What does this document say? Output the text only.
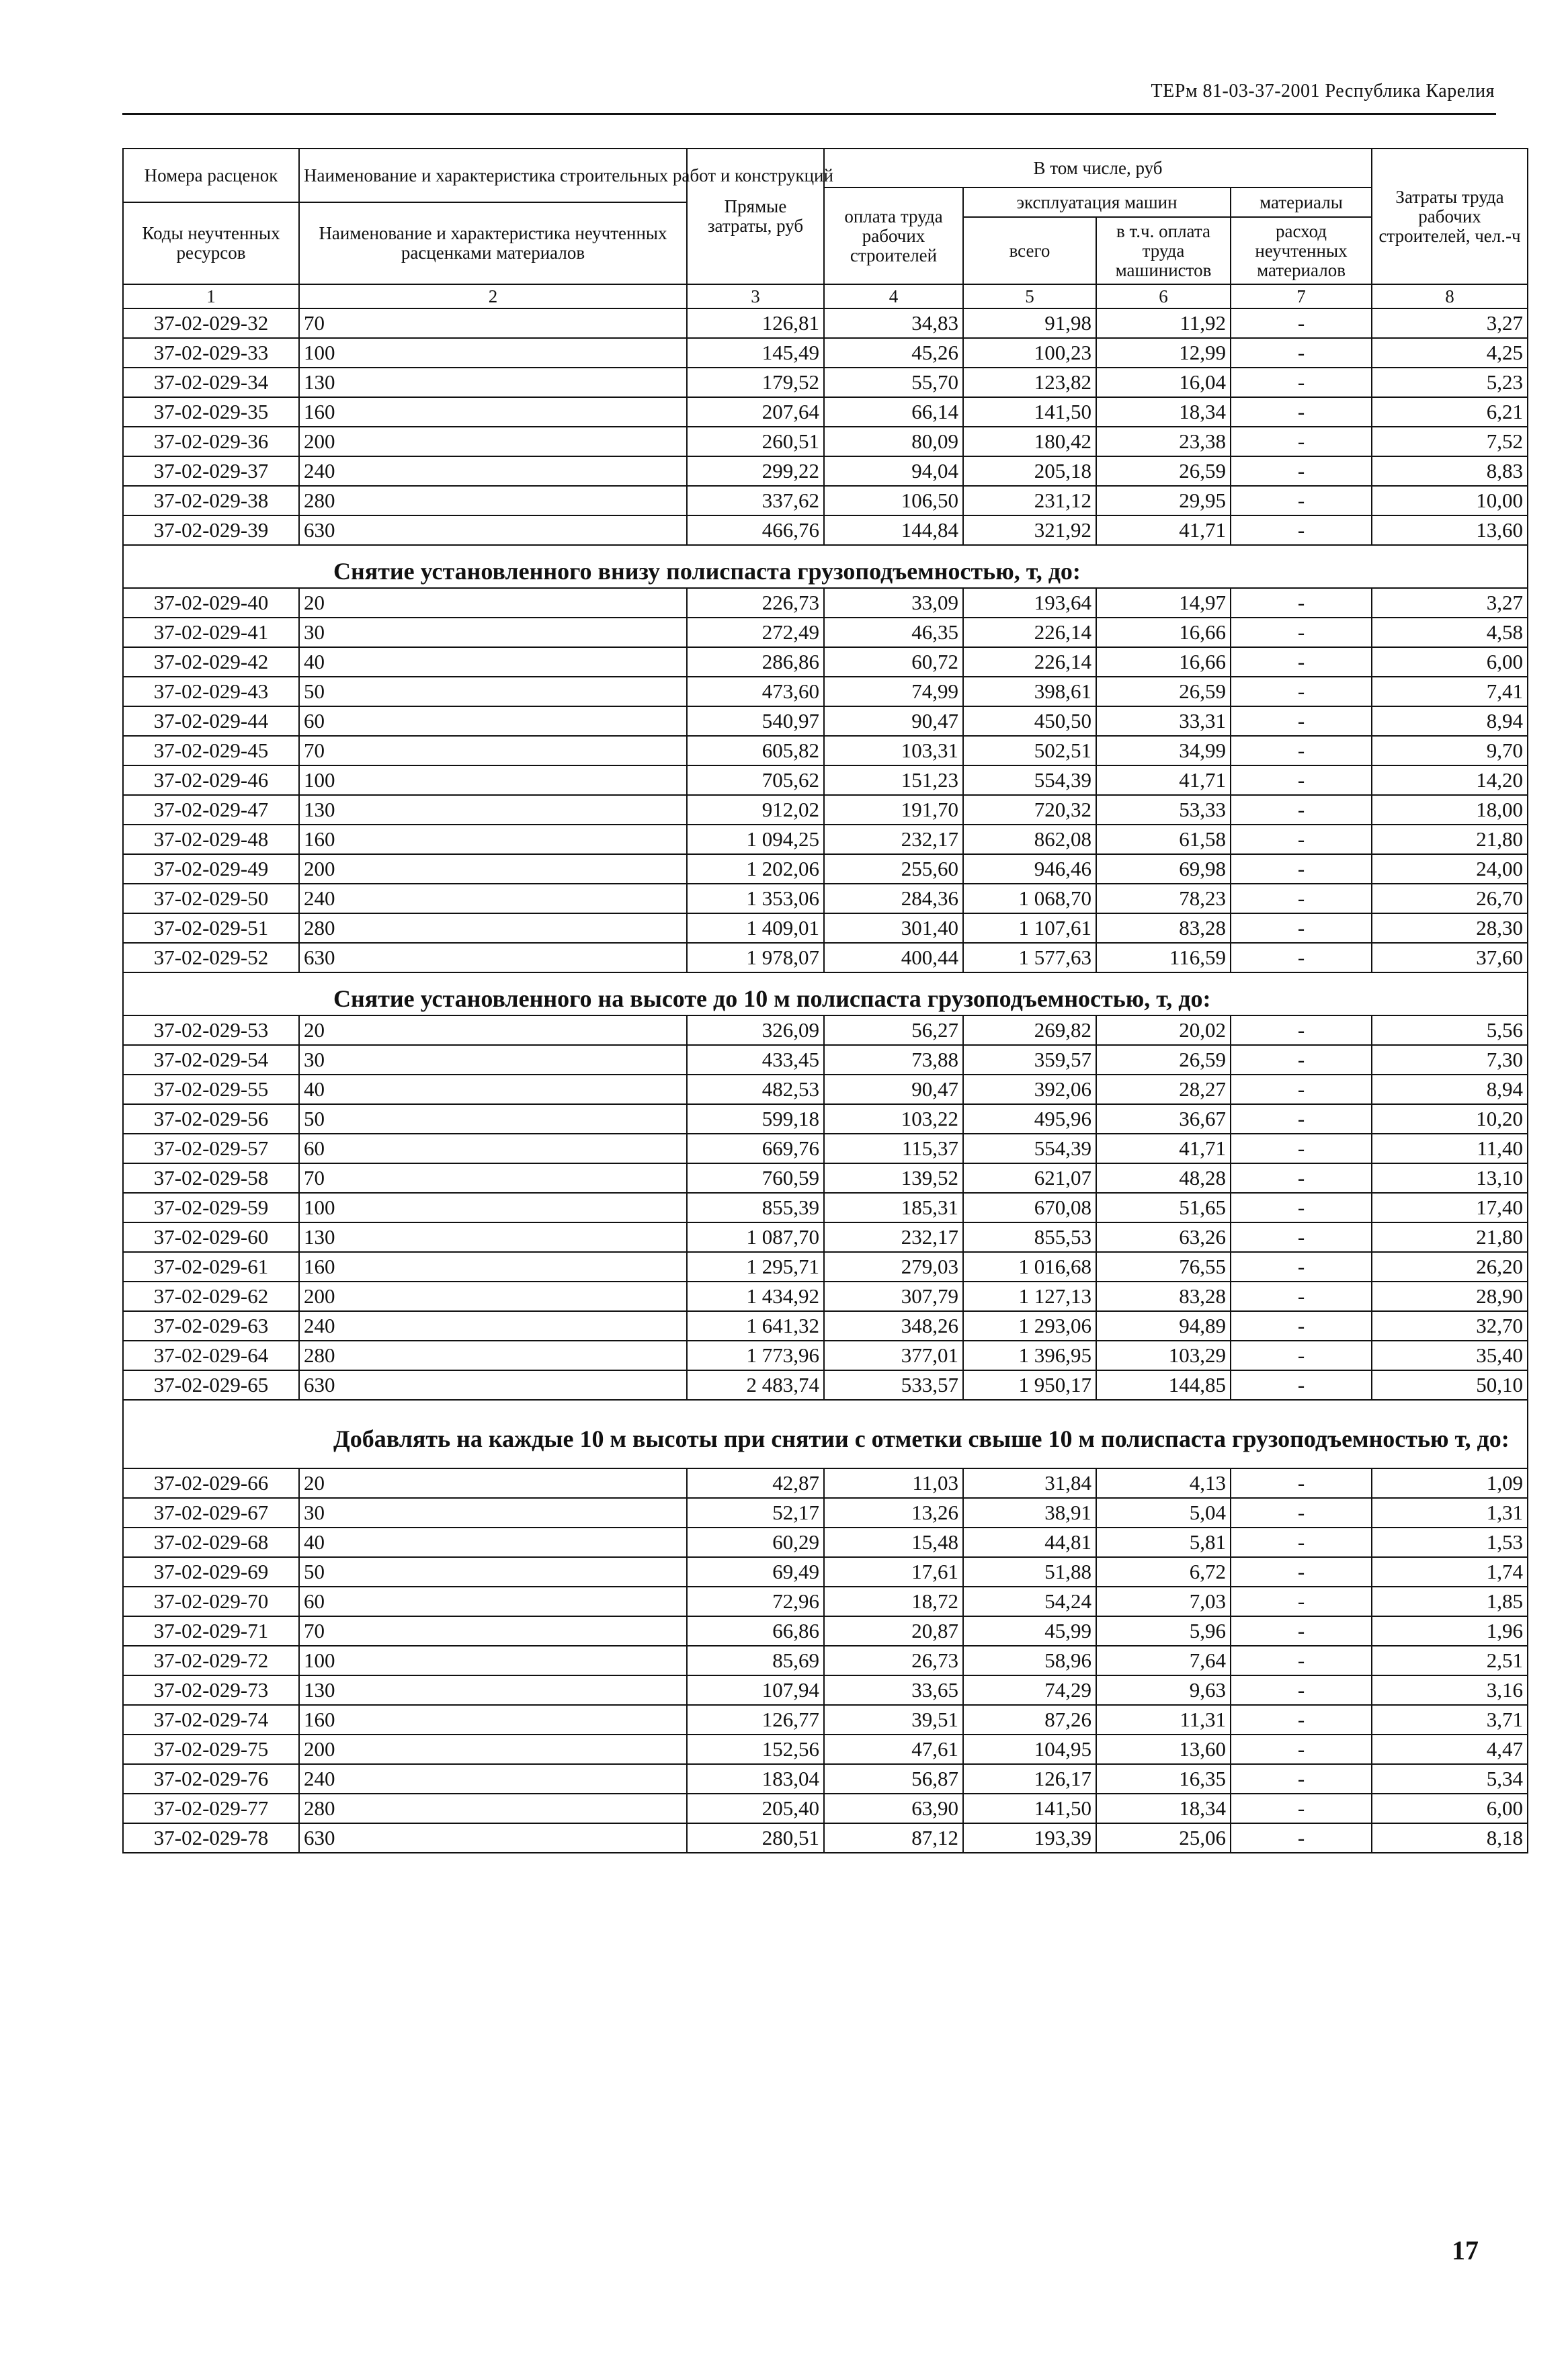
ТЕРм 81-03-37-2001 Республика Карелия
Номера расценок	Наименование и характеристика строительных работ и конструкций	Прямые затраты, руб	В том числе, руб				Затраты труда рабочих строителей, чел.-ч
			оплата труда рабочих строителей	эксплуатация машин		материалы	
Коды неучтенных ресурсов	Наименование и характеристика неучтенных расценками материалов						
				всего	в т.ч. оплата труда машинистов	расход неучтенных материалов	
1	2	3	4	5	6	7	8
37-02-029-32	70	126,81	34,83	91,98	11,92	-	3,27
37-02-029-33	100	145,49	45,26	100,23	12,99	-	4,25
37-02-029-34	130	179,52	55,70	123,82	16,04	-	5,23
37-02-029-35	160	207,64	66,14	141,50	18,34	-	6,21
37-02-029-36	200	260,51	80,09	180,42	23,38	-	7,52
37-02-029-37	240	299,22	94,04	205,18	26,59	-	8,83
37-02-029-38	280	337,62	106,50	231,12	29,95	-	10,00
37-02-029-39	630	466,76	144,84	321,92	41,71	-	13,60
Снятие установленного внизу полиспаста грузоподъемностью, т, до:							
37-02-029-40	20	226,73	33,09	193,64	14,97	-	3,27
37-02-029-41	30	272,49	46,35	226,14	16,66	-	4,58
37-02-029-42	40	286,86	60,72	226,14	16,66	-	6,00
37-02-029-43	50	473,60	74,99	398,61	26,59	-	7,41
37-02-029-44	60	540,97	90,47	450,50	33,31	-	8,94
37-02-029-45	70	605,82	103,31	502,51	34,99	-	9,70
37-02-029-46	100	705,62	151,23	554,39	41,71	-	14,20
37-02-029-47	130	912,02	191,70	720,32	53,33	-	18,00
37-02-029-48	160	1 094,25	232,17	862,08	61,58	-	21,80
37-02-029-49	200	1 202,06	255,60	946,46	69,98	-	24,00
37-02-029-50	240	1 353,06	284,36	1 068,70	78,23	-	26,70
37-02-029-51	280	1 409,01	301,40	1 107,61	83,28	-	28,30
37-02-029-52	630	1 978,07	400,44	1 577,63	116,59	-	37,60
Снятие установленного на высоте до 10 м полиспаста грузоподъемностью, т, до:							
37-02-029-53	20	326,09	56,27	269,82	20,02	-	5,56
37-02-029-54	30	433,45	73,88	359,57	26,59	-	7,30
37-02-029-55	40	482,53	90,47	392,06	28,27	-	8,94
37-02-029-56	50	599,18	103,22	495,96	36,67	-	10,20
37-02-029-57	60	669,76	115,37	554,39	41,71	-	11,40
37-02-029-58	70	760,59	139,52	621,07	48,28	-	13,10
37-02-029-59	100	855,39	185,31	670,08	51,65	-	17,40
37-02-029-60	130	1 087,70	232,17	855,53	63,26	-	21,80
37-02-029-61	160	1 295,71	279,03	1 016,68	76,55	-	26,20
37-02-029-62	200	1 434,92	307,79	1 127,13	83,28	-	28,90
37-02-029-63	240	1 641,32	348,26	1 293,06	94,89	-	32,70
37-02-029-64	280	1 773,96	377,01	1 396,95	103,29	-	35,40
37-02-029-65	630	2 483,74	533,57	1 950,17	144,85	-	50,10
Добавлять на каждые 10 м высоты при снятии с отметки свыше 10 м полиспаста грузоподъемностью т, до:							
37-02-029-66	20	42,87	11,03	31,84	4,13	-	1,09
37-02-029-67	30	52,17	13,26	38,91	5,04	-	1,31
37-02-029-68	40	60,29	15,48	44,81	5,81	-	1,53
37-02-029-69	50	69,49	17,61	51,88	6,72	-	1,74
37-02-029-70	60	72,96	18,72	54,24	7,03	-	1,85
37-02-029-71	70	66,86	20,87	45,99	5,96	-	1,96
37-02-029-72	100	85,69	26,73	58,96	7,64	-	2,51
37-02-029-73	130	107,94	33,65	74,29	9,63	-	3,16
37-02-029-74	160	126,77	39,51	87,26	11,31	-	3,71
37-02-029-75	200	152,56	47,61	104,95	13,60	-	4,47
37-02-029-76	240	183,04	56,87	126,17	16,35	-	5,34
37-02-029-77	280	205,40	63,90	141,50	18,34	-	6,00
37-02-029-78	630	280,51	87,12	193,39	25,06	-	8,18
17
